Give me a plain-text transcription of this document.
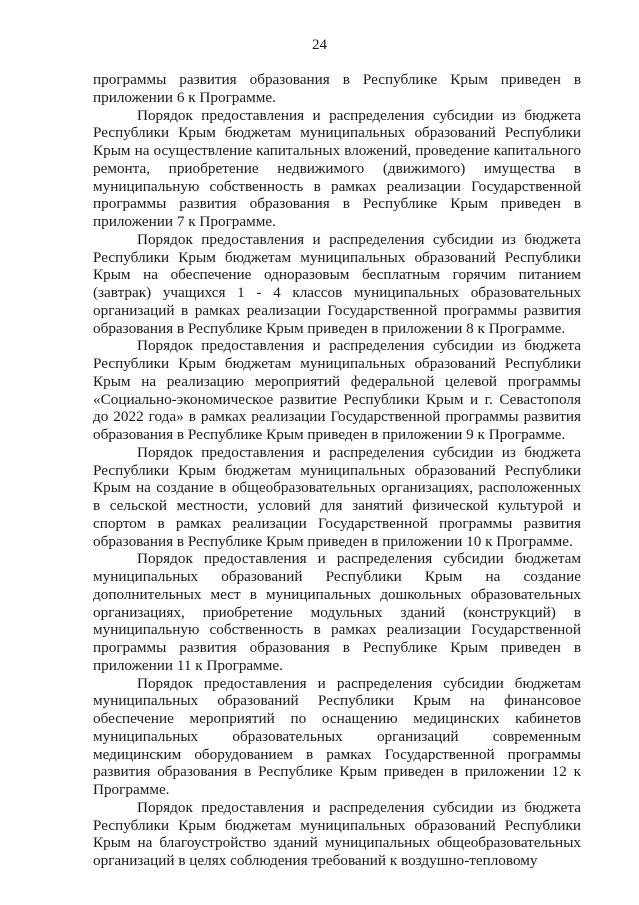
24

программы развития образования в Республике Крым приведен в приложении 6 к Программе.

Порядок предоставления и распределения субсидии из бюджета Республики Крым бюджетам муниципальных образований Республики Крым на осуществление капитальных вложений, проведение капитального ремонта, приобретение недвижимого (движимого) имущества в муниципальную собственность в рамках реализации Государственной программы развития образования в Республике Крым приведен в приложении 7 к Программе.

Порядок предоставления и распределения субсидии из бюджета Республики Крым бюджетам муниципальных образований Республики Крым на обеспечение одноразовым бесплатным горячим питанием (завтрак) учащихся 1 - 4 классов муниципальных образовательных организаций в рамках реализации Государственной программы развития образования в Республике Крым приведен в приложении 8 к Программе.

Порядок предоставления и распределения субсидии из бюджета Республики Крым бюджетам муниципальных образований Республики Крым на реализацию мероприятий федеральной целевой программы «Социально-экономическое развитие Республики Крым и г. Севастополя до 2022 года» в рамках реализации Государственной программы развития образования в Республике Крым приведен в приложении 9 к Программе.

Порядок предоставления и распределения субсидии из бюджета Республики Крым бюджетам муниципальных образований Республики Крым на создание в общеобразовательных организациях, расположенных в сельской местности, условий для занятий физической культурой и спортом в рамках реализации Государственной программы развития образования в Республике Крым приведен в приложении 10 к Программе.

Порядок предоставления и распределения субсидии бюджетам муниципальных образований Республики Крым на создание дополнительных мест в муниципальных дошкольных образовательных организациях, приобретение модульных зданий (конструкций) в муниципальную собственность в рамках реализации Государственной программы развития образования в Республике Крым приведен в приложении 11 к Программе.

Порядок предоставления и распределения субсидии бюджетам муниципальных образований Республики Крым на финансовое обеспечение мероприятий по оснащению медицинских кабинетов муниципальных образовательных организаций современным медицинским оборудованием в рамках Государственной программы развития образования в Республике Крым приведен в приложении 12 к Программе.

Порядок предоставления и распределения субсидии из бюджета Республики Крым бюджетам муниципальных образований Республики Крым на благоустройство зданий муниципальных общеобразовательных организаций в целях соблюдения требований к воздушно-тепловому
